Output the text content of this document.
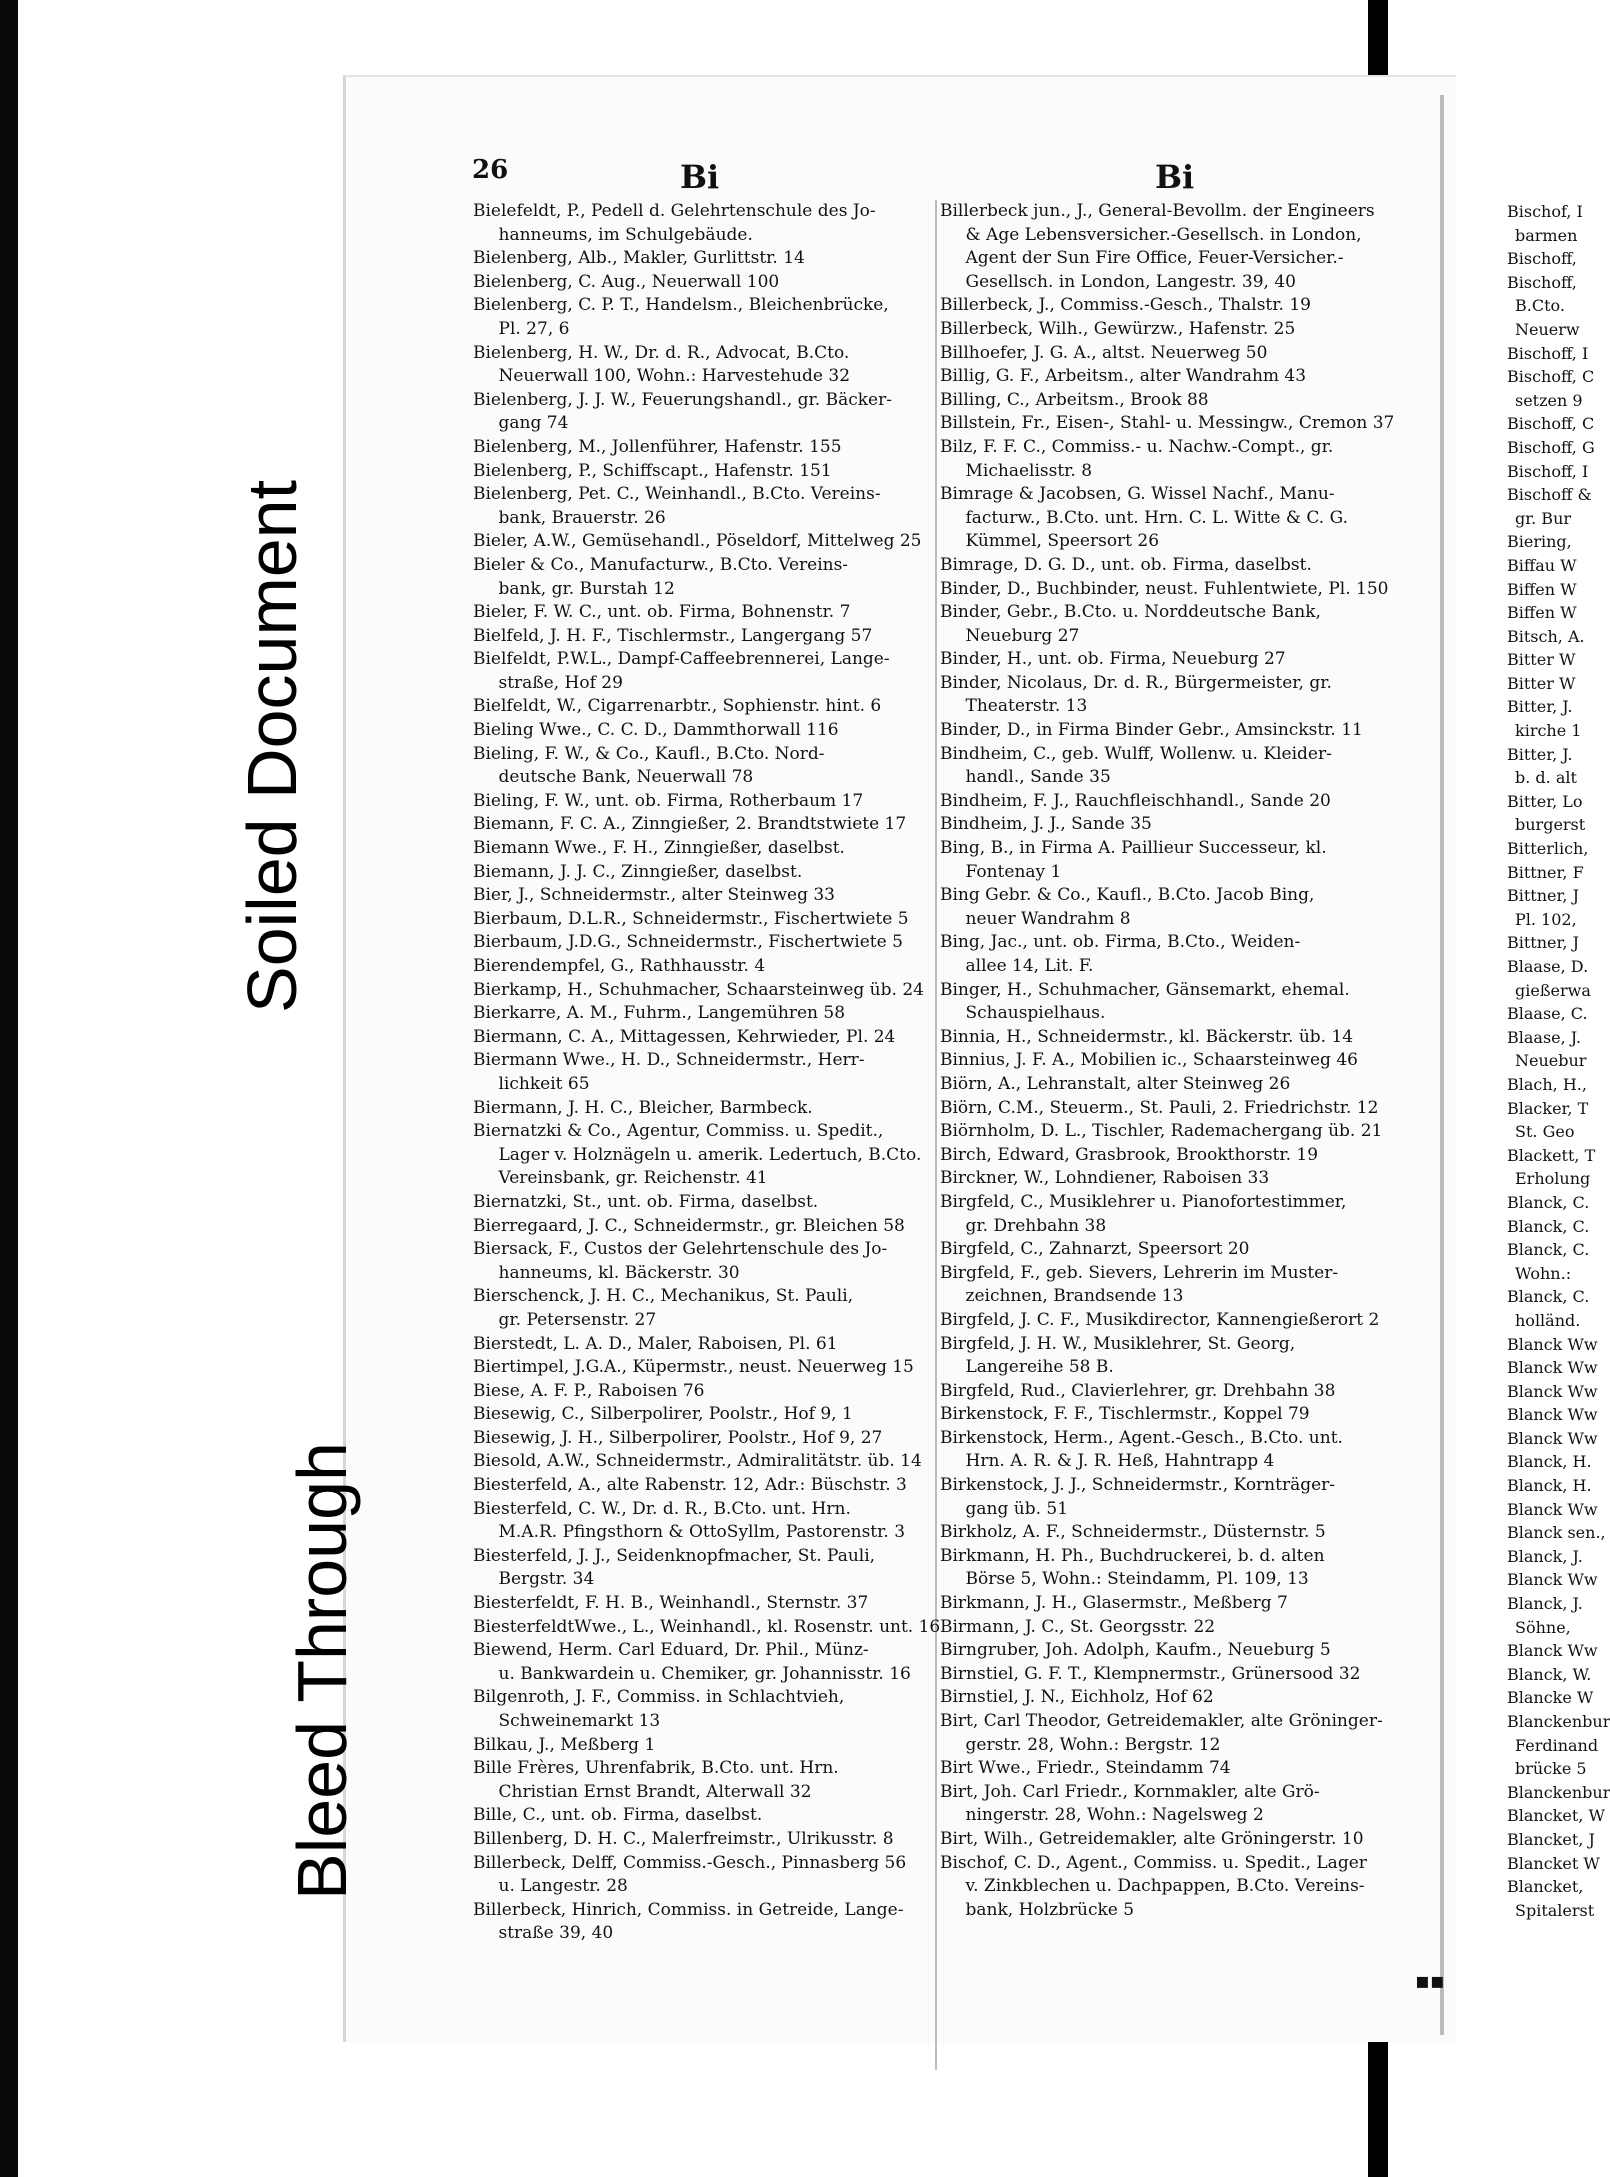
Soiled Document
Bleed Through
26	Bi	Bi
Bielefeldt, P., Pedell d. Gelehrtenschule des Jo-
  hanneums, im Schulgebäude.
Bielenberg, Alb., Makler, Gurlittstr. 14
Bielenberg, C. Aug., Neuerwall 100
Bielenberg, C. P. T., Handelsm., Bleichenbrücke,
  Pl. 27, 6
Bielenberg, H. W., Dr. d. R., Advocat, B.Cto.
  Neuerwall 100, Wohn.: Harvestehude 32
Bielenberg, J. J. W., Feuerungshandl., gr. Bäcker-
  gang 74
Bielenberg, M., Jollenführer, Hafenstr. 155
Bielenberg, P., Schiffscapt., Hafenstr. 151
Bielenberg, Pet. C., Weinhandl., B.Cto. Vereins-
  bank, Brauerstr. 26
Bieler, A.W., Gemüsehandl., Pöseldorf, Mittelweg 25
Bieler & Co., Manufacturw., B.Cto. Vereins-
  bank, gr. Burstah 12
Bieler, F. W. C., unt. ob. Firma, Bohnenstr. 7
Bielfeld, J. H. F., Tischlermstr., Langergang 57
Bielfeldt, P.W.L., Dampf-Caffeebrennerei, Lange-
  straße, Hof 29
Bielfeldt, W., Cigarrenarbtr., Sophienstr. hint. 6
Bieling Wwe., C. C. D., Dammthorwall 116
Bieling, F. W., & Co., Kaufl., B.Cto. Nord-
  deutsche Bank, Neuerwall 78
Bieling, F. W., unt. ob. Firma, Rotherbaum 17
Biemann, F. C. A., Zinngießer, 2. Brandtstwiete 17
Biemann Wwe., F. H., Zinngießer, daselbst.
Biemann, J. J. C., Zinngießer, daselbst.
Bier, J., Schneidermstr., alter Steinweg 33
Bierbaum, D.L.R., Schneidermstr., Fischertwiete 5
Bierbaum, J.D.G., Schneidermstr., Fischertwiete 5
Bierendempfel, G., Rathhausstr. 4
Bierkamp, H., Schuhmacher, Schaarsteinweg üb. 24
Bierkarre, A. M., Fuhrm., Langemühren 58
Biermann, C. A., Mittagessen, Kehrwieder, Pl. 24
Biermann Wwe., H. D., Schneidermstr., Herr-
  lichkeit 65
Biermann, J. H. C., Bleicher, Barmbeck.
Biernatzki & Co., Agentur, Commiss. u. Spedit.,
  Lager v. Holznägeln u. amerik. Ledertuch, B.Cto.
  Vereinsbank, gr. Reichenstr. 41
Biernatzki, St., unt. ob. Firma, daselbst.
Bierregaard, J. C., Schneidermstr., gr. Bleichen 58
Biersack, F., Custos der Gelehrtenschule des Jo-
  hanneums, kl. Bäckerstr. 30
Bierschenck, J. H. C., Mechanikus, St. Pauli,
  gr. Petersenstr. 27
Bierstedt, L. A. D., Maler, Raboisen, Pl. 61
Biertimpel, J.G.A., Küpermstr., neust. Neuerweg 15
Biese, A. F. P., Raboisen 76
Biesewig, C., Silberpolirer, Poolstr., Hof 9, 1
Biesewig, J. H., Silberpolirer, Poolstr., Hof 9, 27
Biesold, A.W., Schneidermstr., Admiralitätstr. üb. 14
Biesterfeld, A., alte Rabenstr. 12, Adr.: Büschstr. 3
Biesterfeld, C. W., Dr. d. R., B.Cto. unt. Hrn.
  M.A.R. Pfingsthorn & OttoSyllm, Pastorenstr. 3
Biesterfeld, J. J., Seidenknopfmacher, St. Pauli,
  Bergstr. 34
Biesterfeldt, F. H. B., Weinhandl., Sternstr. 37
BiesterfeldtWwe., L., Weinhandl., kl. Rosenstr. unt. 16
Biewend, Herm. Carl Eduard, Dr. Phil., Münz-
  u. Bankwardein u. Chemiker, gr. Johannisstr. 16
Bilgenroth, J. F., Commiss. in Schlachtvieh,
  Schweinemarkt 13
Bilkau, J., Meßberg 1
Bille Frères, Uhrenfabrik, B.Cto. unt. Hrn.
  Christian Ernst Brandt, Alterwall 32
Bille, C., unt. ob. Firma, daselbst.
Billenberg, D. H. C., Malerfreimstr., Ulrikusstr. 8
Billerbeck, Delff, Commiss.-Gesch., Pinnasberg 56
  u. Langestr. 28
Billerbeck, Hinrich, Commiss. in Getreide, Lange-
  straße 39, 40
Billerbeck jun., J., General-Bevollm. der Engineers
  & Age Lebensversicher.-Gesellsch. in London,
  Agent der Sun Fire Office, Feuer-Versicher.-
  Gesellsch. in London, Langestr. 39, 40
Billerbeck, J., Commiss.-Gesch., Thalstr. 19
Billerbeck, Wilh., Gewürzw., Hafenstr. 25
Billhoefer, J. G. A., altst. Neuerweg 50
Billig, G. F., Arbeitsm., alter Wandrahm 43
Billing, C., Arbeitsm., Brook 88
Billstein, Fr., Eisen-, Stahl- u. Messingw., Cremon 37
Bilz, F. F. C., Commiss.- u. Nachw.-Compt., gr.
  Michaelisstr. 8
Bimrage & Jacobsen, G. Wissel Nachf., Manu-
  facturw., B.Cto. unt. Hrn. C. L. Witte & C. G.
  Kümmel, Speersort 26
Bimrage, D. G. D., unt. ob. Firma, daselbst.
Binder, D., Buchbinder, neust. Fuhlentwiete, Pl. 150
Binder, Gebr., B.Cto. u. Norddeutsche Bank,
  Neueburg 27
Binder, H., unt. ob. Firma, Neueburg 27
Binder, Nicolaus, Dr. d. R., Bürgermeister, gr.
  Theaterstr. 13
Binder, D., in Firma Binder Gebr., Amsinckstr. 11
Bindheim, C., geb. Wulff, Wollenw. u. Kleider-
  handl., Sande 35
Bindheim, F. J., Rauchfleischhandl., Sande 20
Bindheim, J. J., Sande 35
Bing, B., in Firma A. Paillieur Successeur, kl.
  Fontenay 1
Bing Gebr. & Co., Kaufl., B.Cto. Jacob Bing,
  neuer Wandrahm 8
Bing, Jac., unt. ob. Firma, B.Cto., Weiden-
  allee 14, Lit. F.
Binger, H., Schuhmacher, Gänsemarkt, ehemal.
  Schauspielhaus.
Binnia, H., Schneidermstr., kl. Bäckerstr. üb. 14
Binnius, J. F. A., Mobilien ic., Schaarsteinweg 46
Biörn, A., Lehranstalt, alter Steinweg 26
Biörn, C.M., Steuerm., St. Pauli, 2. Friedrichstr. 12
Biörnholm, D. L., Tischler, Rademachergang üb. 21
Birch, Edward, Grasbrook, Brookthorstr. 19
Birckner, W., Lohndiener, Raboisen 33
Birgfeld, C., Musiklehrer u. Pianofortestimmer,
  gr. Drehbahn 38
Birgfeld, C., Zahnarzt, Speersort 20
Birgfeld, F., geb. Sievers, Lehrerin im Muster-
  zeichnen, Brandsende 13
Birgfeld, J. C. F., Musikdirector, Kannengießerort 2
Birgfeld, J. H. W., Musiklehrer, St. Georg,
  Langereihe 58 B.
Birgfeld, Rud., Clavierlehrer, gr. Drehbahn 38
Birkenstock, F. F., Tischlermstr., Koppel 79
Birkenstock, Herm., Agent.-Gesch., B.Cto. unt.
  Hrn. A. R. & J. R. Heß, Hahntrapp 4
Birkenstock, J. J., Schneidermstr., Kornträger-
  gang üb. 51
Birkholz, A. F., Schneidermstr., Düsternstr. 5
Birkmann, H. Ph., Buchdruckerei, b. d. alten
  Börse 5, Wohn.: Steindamm, Pl. 109, 13
Birkmann, J. H., Glasermstr., Meßberg 7
Birmann, J. C., St. Georgsstr. 22
Birngruber, Joh. Adolph, Kaufm., Neueburg 5
Birnstiel, G. F. T., Klempnermstr., Grünersood 32
Birnstiel, J. N., Eichholz, Hof 62
Birt, Carl Theodor, Getreidemakler, alte Gröninger-
  gerstr. 28, Wohn.: Bergstr. 12
Birt Wwe., Friedr., Steindamm 74
Birt, Joh. Carl Friedr., Kornmakler, alte Grö-
  ningerstr. 28, Wohn.: Nagelsweg 2
Birt, Wilh., Getreidemakler, alte Gröningerstr. 10
Bischof, C. D., Agent., Commiss. u. Spedit., Lager
  v. Zinkblechen u. Dachpappen, B.Cto. Vereins-
  bank, Holzbrücke 5
Bischof, I
 barmen
Bischoff,
Bischoff,
 B.Cto.
 Neuerw
Bischoff, I
Bischoff, C
 setzen 9
Bischoff, C
Bischoff, G
Bischoff, I
Bischoff &
 gr. Bur
Biering,
Biffau W
Biffen W
Biffen W
Bitsch, A.
Bitter W
Bitter W
Bitter, J.
 kirche 1
Bitter, J.
 b. d. alt
Bitter, Lo
 burgerst
Bitterlich,
Bittner, F
Bittner, J
 Pl. 102,
Bittner, J
Blaase, D.
 gießerwa
Blaase, C.
Blaase, J.
 Neuebur
Blach, H.,
Blacker, T
 St. Geo
Blackett, T
 Erholung
Blanck, C.
Blanck, C.
Blanck, C.
 Wohn.:
Blanck, C.
 holländ.
Blanck Ww
Blanck Ww
Blanck Ww
Blanck Ww
Blanck Ww
Blanck, H.
Blanck, H.
Blanck Ww
Blanck sen.,
Blanck, J.
Blanck Ww
Blanck, J.
 Söhne,
Blanck Ww
Blanck, W.
Blancke W
Blanckenbur
 Ferdinand
 brücke 5
Blanckenbur
Blancket, W
Blancket, J
Blancket W
Blancket,
 Spitalerst
▪▪
